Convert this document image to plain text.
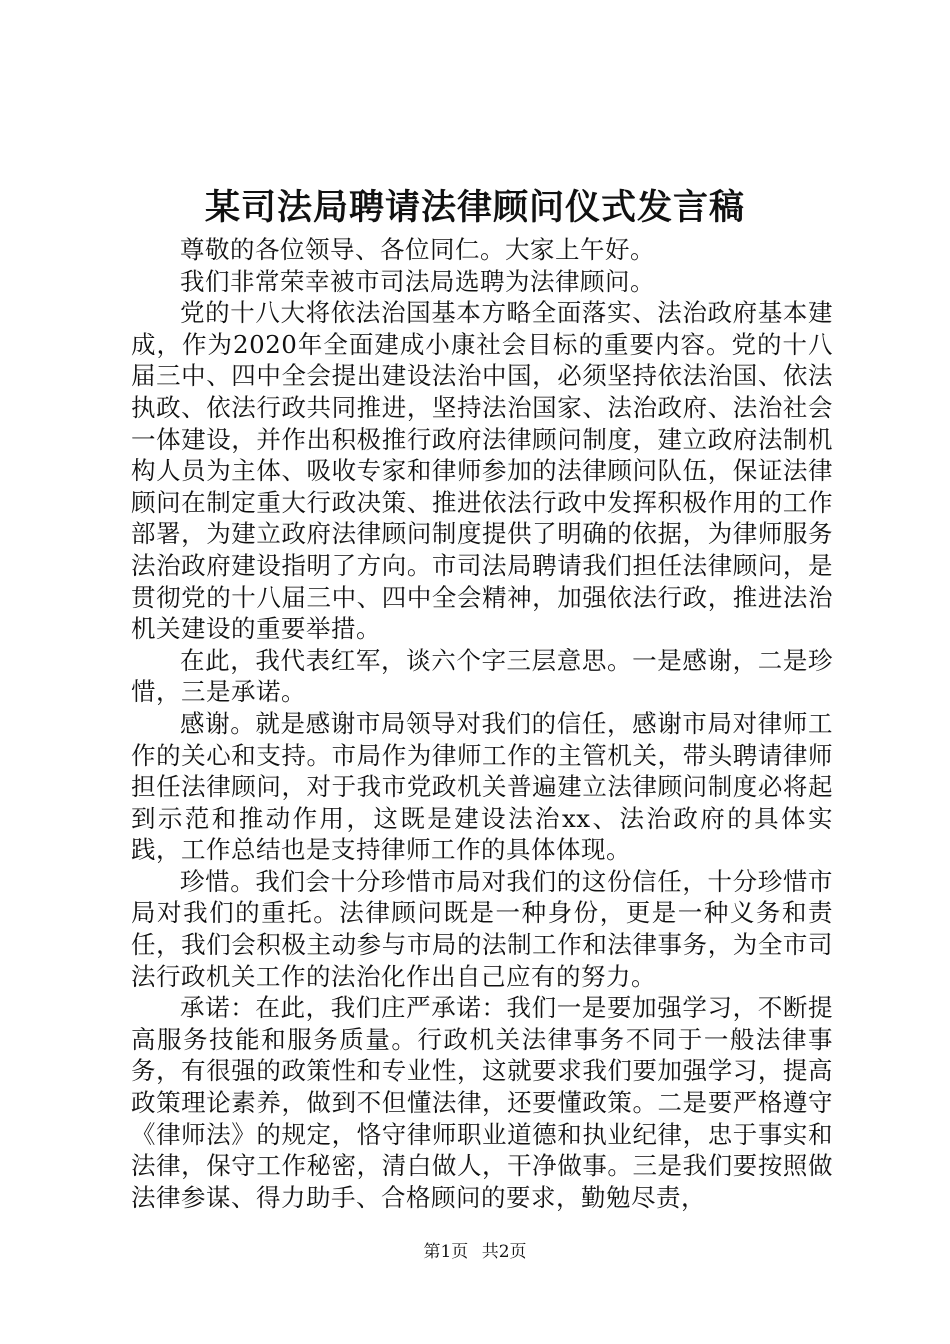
某司法局聘请法律顾问仪式发言稿

尊敬的各位领导、各位同仁。大家上午好。

我们非常荣幸被市司法局选聘为法律顾问。

党的十八大将依法治国基本方略全面落实、法治政府基本建成，作为2020年全面建成小康社会目标的重要内容。党的十八届三中、四中全会提出建设法治中国，必须坚持依法治国、依法执政、依法行政共同推进，坚持法治国家、法治政府、法治社会一体建设，并作出积极推行政府法律顾问制度，建立政府法制机构人员为主体、吸收专家和律师参加的法律顾问队伍，保证法律顾问在制定重大行政决策、推进依法行政中发挥积极作用的工作部署，为建立政府法律顾问制度提供了明确的依据，为律师服务法治政府建设指明了方向。市司法局聘请我们担任法律顾问，是贯彻党的十八届三中、四中全会精神，加强依法行政，推进法治机关建设的重要举措。

在此，我代表红军，谈六个字三层意思。一是感谢，二是珍惜，三是承诺。

感谢。就是感谢市局领导对我们的信任，感谢市局对律师工作的关心和支持。市局作为律师工作的主管机关，带头聘请律师担任法律顾问，对于我市党政机关普遍建立法律顾问制度必将起到示范和推动作用，这既是建设法治xx、法治政府的具体实践，工作总结也是支持律师工作的具体体现。

珍惜。我们会十分珍惜市局对我们的这份信任，十分珍惜市局对我们的重托。法律顾问既是一种身份，更是一种义务和责任，我们会积极主动参与市局的法制工作和法律事务，为全市司法行政机关工作的法治化作出自己应有的努力。

承诺：在此，我们庄严承诺：我们一是要加强学习，不断提高服务技能和服务质量。行政机关法律事务不同于一般法律事务，有很强的政策性和专业性，这就要求我们要加强学习，提高政策理论素养，做到不但懂法律，还要懂政策。二是要严格遵守《律师法》的规定，恪守律师职业道德和执业纪律，忠于事实和法律，保守工作秘密，清白做人，干净做事。三是我们要按照做法律参谋、得力助手、合格顾问的要求，勤勉尽责，

第1页 共2页
